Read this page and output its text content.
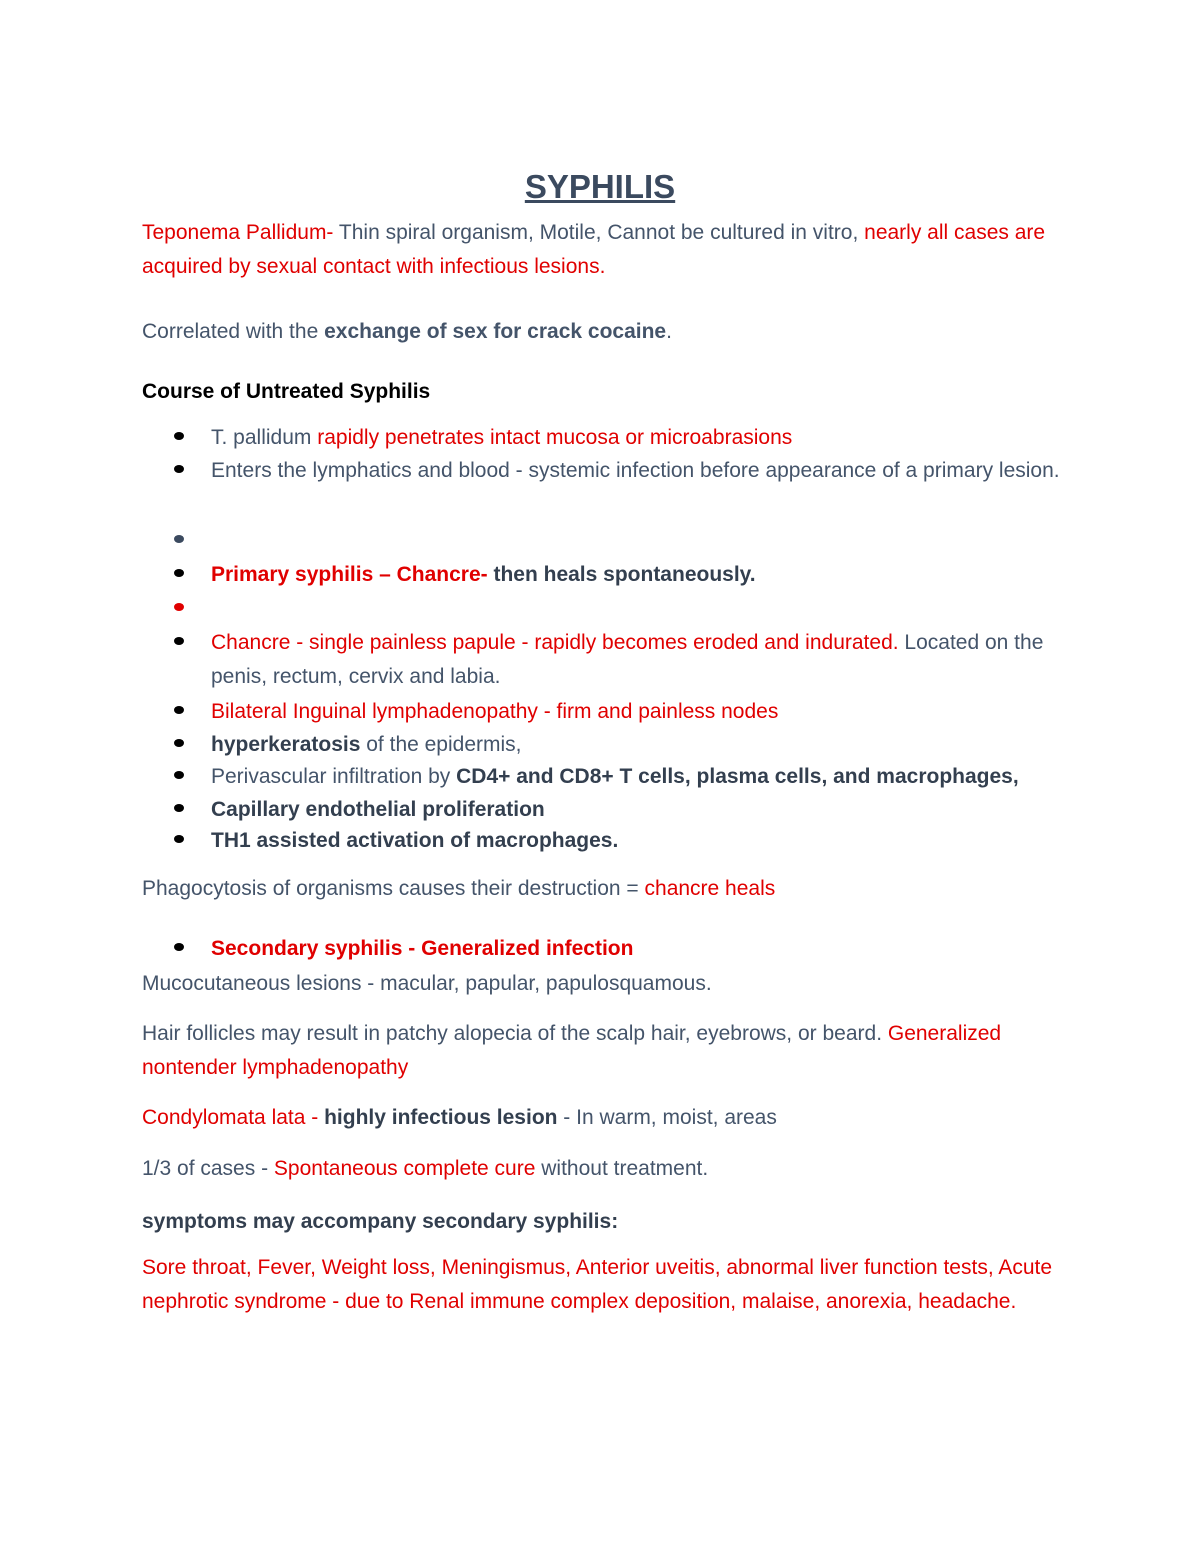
SYPHILIS

Teponema Pallidum- Thin spiral organism, Motile, Cannot be cultured in vitro, nearly all cases are acquired by sexual contact with infectious lesions.

Correlated with the exchange of sex for crack cocaine.

Course of Untreated Syphilis

T. pallidum rapidly penetrates intact mucosa or microabrasions

Enters the lymphatics and blood - systemic infection before appearance of a primary lesion.

Primary syphilis – Chancre- then heals spontaneously.

Chancre - single painless papule - rapidly becomes eroded and indurated. Located on the penis, rectum, cervix and labia.

Bilateral Inguinal lymphadenopathy - firm and painless nodes

hyperkeratosis of the epidermis,

Perivascular infiltration by CD4+ and CD8+ T cells, plasma cells, and macrophages,

Capillary endothelial proliferation

TH1 assisted activation of macrophages.

Phagocytosis of organisms causes their destruction = chancre heals

Secondary syphilis - Generalized infection

Mucocutaneous lesions - macular, papular, papulosquamous.

Hair follicles may result in patchy alopecia of the scalp hair, eyebrows, or beard. Generalized nontender lymphadenopathy

Condylomata lata - highly infectious lesion - In warm, moist, areas

1/3 of cases - Spontaneous complete cure without treatment.

symptoms may accompany secondary syphilis:

Sore throat, Fever, Weight loss, Meningismus, Anterior uveitis, abnormal liver function tests, Acute nephrotic syndrome - due to Renal immune complex deposition, malaise, anorexia, headache.
